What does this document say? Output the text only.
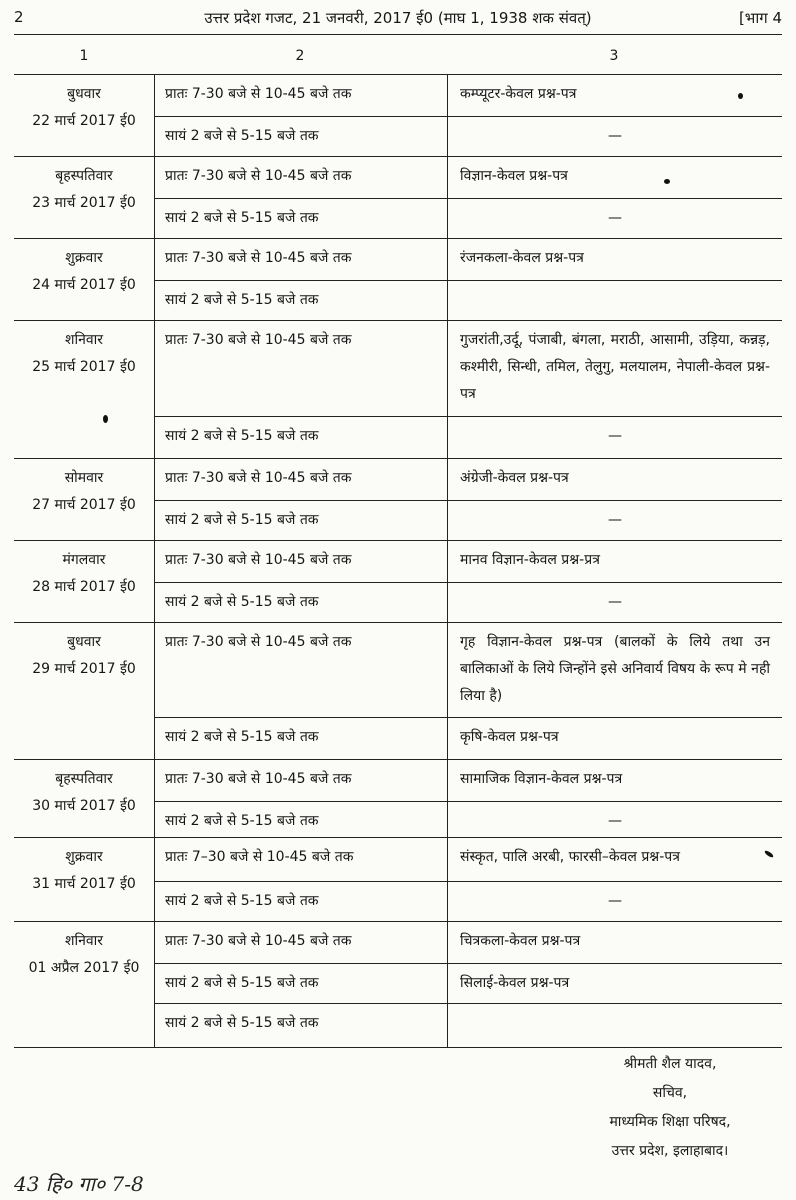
2	उत्तर प्रदेश गजट, 21 जनवरी, 2017 ई0 (माघ 1, 1938 शक संवत्)	[भाग 4
1	2	3
बुधवार
22 मार्च 2017 ई0	प्रातः 7-30 बजे से 10-45 बजे तक	कम्प्यूटर-केवल प्रश्न-पत्र
	सायं 2 बजे से 5-15 बजे तक	—

बृहस्पतिवार
23 मार्च 2017 ई0	प्रातः 7-30 बजे से 10-45 बजे तक	विज्ञान-केवल प्रश्न-पत्र
	सायं 2 बजे से 5-15 बजे तक	—

शुक्रवार
24 मार्च 2017 ई0	प्रातः 7-30 बजे से 10-45 बजे तक	रंजनकला-केवल प्रश्न-पत्र
	सायं 2 बजे से 5-15 बजे तक	

शनिवार
25 मार्च 2017 ई0	प्रातः 7-30 बजे से 10-45 बजे तक	गुजरांती,उर्दू, पंजाबी, बंगला, मराठी, आसामी, उड़िया, कन्नड़, कश्मीरी, सिन्धी, तमिल, तेलुगु, मलयालम, नेपाली-केवल प्रश्न-पत्र
	सायं 2 बजे से 5-15 बजे तक	—

सोमवार
27 मार्च 2017 ई0	प्रातः 7-30 बजे से 10-45 बजे तक	अंग्रेजी-केवल प्रश्न-पत्र
	सायं 2 बजे से 5-15 बजे तक	—

मंगलवार
28 मार्च 2017 ई0	प्रातः 7-30 बजे से 10-45 बजे तक	मानव विज्ञान-केवल प्रश्न-प्रत्र
	सायं 2 बजे से 5-15 बजे तक	—

बुधवार
29 मार्च 2017 ई0	प्रातः 7-30 बजे से 10-45 बजे तक	गृह विज्ञान-केवल प्रश्न-पत्र (बालकों के लिये तथा उन बालिकाओं के लिये जिन्होंने इसे अनिवार्य विषय के रूप मे नही लिया है)
	सायं 2 बजे से 5-15 बजे तक	कृषि-केवल प्रश्न-पत्र

बृहस्पतिवार
30 मार्च 2017 ई0	प्रातः 7-30 बजे से 10-45 बजे तक	सामाजिक विज्ञान-केवल प्रश्न-पत्र
	सायं 2 बजे से 5-15 बजे तक	—

शुक्रवार
31 मार्च 2017 ई0	प्रातः 7–30 बजे से 10-45 बजे तक	संस्कृत, पालि अरबी, फारसी–केवल प्रश्न-पत्र
	सायं 2 बजे से 5-15 बजे तक	—

शनिवार
01 अप्रैल 2017 ई0	प्रातः 7-30 बजे से 10-45 बजे तक	चित्रकला-केवल प्रश्न-पत्र
	सायं 2 बजे से 5-15 बजे तक	सिलाई-केवल प्रश्न-पत्र
	सायं 2 बजे से 5-15 बजे तक	
श्रीमती शैल यादव,
सचिव,
माध्यमिक शिक्षा परिषद,
उत्तर प्रदेश, इलाहाबाद।
43 हि० गा० 7-8
